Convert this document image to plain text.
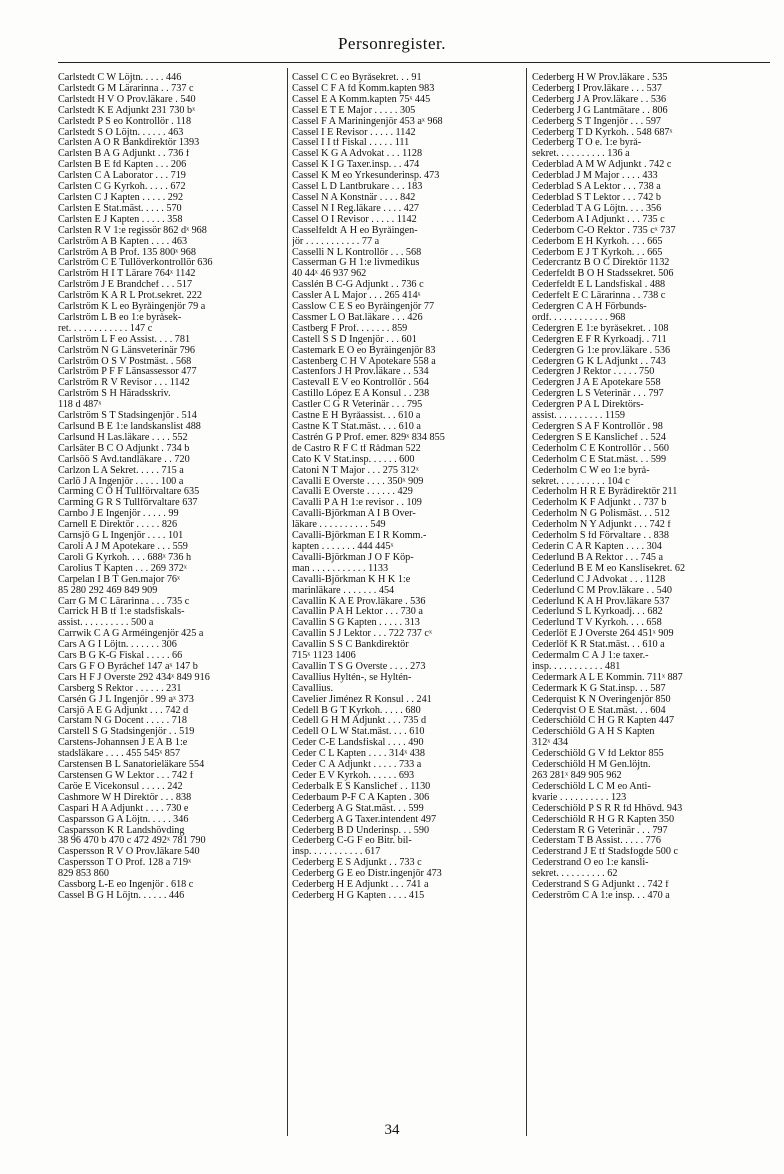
Personregister.
Carlstedt C W Löjtn. . . . . 446
Carlstedt G M Lärarinna . . 737 c
Carlstedt H V O Prov.läkare . 540
Carlstedt K E Adjunkt 231 730 bˣ
Carlstedt P S eo Kontrollör . 118
Carlstedt S O Löjtn. . . . . . 463
Carlsten A O R Bankdirektör 1393
Carlsten B A G Adjunkt . . 736 f
Carlsten B E fd Kapten . . . 206
Carlsten C A Laborator . . . 719
Carlsten C G Kyrkoh. . . . . 672
Carlsten C J Kapten . . . . . 292
Carlsten E Stat.mäst. . . . . 570
Carlsten E J Kapten . . . . . 358
Carlsten R V 1:e regissör 862 dˣ 968
Carlström A B Kapten . . . . 463
Carlström A B Prof. 135 800ˣ 968
Carlström C E Tullöverkontrollör 636
Carlström H I T Lärare 764ˣ 1142
Carlström J E Brandchef . . . 517
Carlström K A R L Prot.sekret. 222
Carlström K L eo Byråingenjör 79 a
Carlström L B eo 1:e byråsek-
ret. . . . . . . . . . . . 147 c
Carlström L F eo Assist. . . . 781
Carlström N G Länsveterinär 796
Carlström O S V Postmäst. . 568
Carlström P F F Länsassessor 477
Carlström R V Revisor . . . 1142
Carlström S H Häradsskriv.
118 d 487ˣ
Carlström S T Stadsingenjör . 514
Carlsund B E 1:e landskanslist 488
Carlsund H Las.läkare . . . . 552
Carlsäter B C O Adjunkt . 734 b
Carlsöö S Avd.tandläkare . . 720
Carlzon L A Sekret. . . . . 715 a
Carlö J A Ingenjör . . . . . 100 a
Carming C O H Tullförvaltare 635
Carming G R S Tullförvaltare 637
Carnbo J E Ingenjör . . . . . 99
Carnell E Direktör . . . . . 826
Carnsjö G L Ingenjör . . . . 101
Caroli A J M Apotekare . . . 559
Caroli G Kyrkoh. . . . 688ˣ 736 h
Carolius T Kapten . . . 269 372ˣ
Carpelan I B T Gen.major 76ˣ
85 280 292 469 849 909
Carr G M C Lärarinna . . . 735 c
Carrick H B tf 1:e stadsfiskals-
assist. . . . . . . . . . 500 a
Carrwik C A G Arméingenjör 425 a
Cars A G I Löjtn. . . . . . . 306
Cars B G K-G Fiskal . . . . . 66
Cars G F O Byråchef 147 aˣ 147 b
Cars H F J Överste 292 434ˣ 849 916
Carsberg S Rektor . . . . . . 231
Carsén G J L Ingenjör . 99 aˣ 373
Carsjö A E G Adjunkt . . . 742 d
Carstam N G Docent . . . . . 718
Carstell S G Stadsingenjör . . 519
Carstens-Johannsen J E A B 1:e
stadsläkare . . . . 455 545ˣ 857
Carstensen B L Sanatorieläkare 554
Carstensen G W Lektor . . . 742 f
Caröe E Vicekonsul . . . . . 242
Cashmore W H Direktör . . . 838
Caspari H A Adjunkt . . . . 730 e
Casparsson G A Löjtn. . . . . 346
Casparsson K R Landshövding
38 96 470 b 470 c 472 492ˣ 781 790
Caspersson R V O Prov.läkare 540
Caspersson T O Prof. 128 a 719ˣ
829 853 860
Cassborg L-E eo Ingenjör . 618 c
Cassel B G H Löjtn. . . . . . 446
Cassel C C eo Byråsekret. . . 91
Cassel C F A fd Komm.kapten 983
Cassel E A Komm.kapten 75ˣ 445
Cassel E T E Major . . . . . 305
Cassel F A Mariningenjör 453 aˣ 968
Cassel I E Revisor . . . . . 1142
Cassel I I tf Fiskal . . . . . 111
Cassel K G A Advokat . . . 1128
Cassel K I G Taxer.insp. . . 474
Cassel K M eo Yrkesunderinsp. 473
Cassel L D Lantbrukare . . . 183
Cassel N A Konstnär . . . . 842
Cassel N I Reg.läkare . . . . 427
Cassel Ö I Revisor . . . . . 1142
Casselfeldt Å H eo Byråingen-
jör . . . . . . . . . . . 77 a
Casselli N L Kontrollör . . . 568
Casserman G H 1:e livmedikus
40 44ˣ 46 937 962
Casslén B C-G Adjunkt . . 736 c
Cassler A L Major . . . 265 414ˣ
Casslow C E S eo Byråingenjör 77
Cassmer L O Bat.läkare . . . 426
Castberg F Prof. . . . . . . 859
Castell S S D Ingenjör . . . 601
Castemark E O eo Byråingenjör 83
Castenberg C H V Apotekare 558 a
Castenfors J H Prov.läkare . . 534
Castevall E V eo Kontrollör . 564
Castillo López E A Konsul . . 238
Castler C G R Veterinär . . . 795
Castne E H Byråassist. . . 610 a
Castne K T Stat.mäst. . . . 610 a
Castrén G P Prof. emer. 829ˣ 834 855
de Castro R F C tf Rådman 522
Cato K V Stat.insp. . . . . . 600
Catoni N T Major . . . 275 312ˣ
Cavalli E Överste . . . . 350ˣ 909
Cavalli E Överste . . . . . . 429
Cavalli P A H 1:e revisor . . 109
Cavalli-Björkman A I B Över-
läkare . . . . . . . . . . 549
Cavalli-Björkman E I R Komm.-
kapten . . . . . . . 444 445ˣ
Cavalli-Björkman J O F Köp-
man . . . . . . . . . . . 1133
Cavalli-Björkman K H K 1:e
marinläkare . . . . . . . 454
Cavallin K A E Prov.läkare . 536
Cavallin P A H Lektor . . . 730 a
Cavallin S G Kapten . . . . . 313
Cavallin S J Lektor . . . 722 737 cˣ
Cavallin S S C Bankdirektör
715ˣ 1123 1406
Cavallin T S G Överste . . . . 273
Cavallius Hyltén-, se Hyltén-
Cavallius.
Cavelier Jiménez R Konsul . . 241
Cedell B G T Kyrkoh. . . . . 680
Cedell G H M Adjunkt . . . 735 d
Cedell O L W Stat.mäst. . . . 610
Ceder C-E Landsfiskal . . . . 490
Ceder C L Kapten . . . . 314ˣ 438
Ceder C Å Adjunkt . . . . . 733 a
Ceder E V Kyrkoh. . . . . . 693
Cederbalk E S Kanslichef . . 1130
Cederbaum P-F C A Kapten . 306
Cederberg A G Stat.mäst. . . 599
Cederberg A G Taxer.intendent 497
Cederberg B D Underinsp. . . 590
Cederberg C-G F eo Bitr. bil-
insp. . . . . . . . . . . 617
Cederberg E S Adjunkt . . 733 c
Cederberg G E eo Distr.ingenjör 473
Cederberg H E Adjunkt . . . 741 a
Cederberg H G Kapten . . . . 415
Cederberg H W Prov.läkare . 535
Cederberg I Prov.läkare . . . 537
Cederberg J A Prov.läkare . . 536
Cederberg J G Lantmätare . . 806
Cederberg S T Ingenjör . . . 597
Cederberg T D Kyrkoh. . 548 687ˣ
Cederberg T O e. 1:e byrå-
sekret. . . . . . . . . . 136 a
Cederblad A M W Adjunkt . 742 c
Cederblad J M Major . . . . 433
Cederblad S A Lektor . . . 738 a
Cederblad S T Lektor . . . 742 b
Cederblad T A G Löjtn. . . . 356
Cederbom A I Adjunkt . . . 735 c
Cederbom C-O Rektor . 735 cˣ 737
Cederbom E H Kyrkoh. . . . 665
Cederbom E J T Kyrkoh. . . 665
Cedercrantz B O C Direktör 1132
Cederfeldt B O H Stadssekret. 506
Cederfeldt E L Landsfiskal . 488
Cederfelt E C Lärarinna . . 738 c
Cedergren C A H Förbunds-
ordf. . . . . . . . . . . . 968
Cedergren E 1:e byråsekret. . 108
Cedergren E F R Kyrkoadj. . 711
Cedergren G 1:e prov.läkare . 536
Cedergren G K L Adjunkt . . 743
Cedergren J Rektor . . . . . 750
Cedergren J A E Apotekare 558
Cedergren L S Veterinär . . . 797
Cedergren P A L Direktörs-
assist. . . . . . . . . . 1159
Cedergren S A F Kontrollör . 98
Cedergren S E Kanslichef . . 524
Cederholm C E Kontrollör . . 560
Cederholm C E Stat.mäst. . . 599
Cederholm C W eo 1:e byrå-
sekret. . . . . . . . . . 104 c
Cederholm H R E Byrådirektör 211
Cederholm K F Adjunkt . . 737 b
Cederholm N G Polismäst. . . 512
Cederholm N Y Adjunkt . . . 742 f
Cederholm S fd Förvaltare . . 838
Cederin C A R Kapten . . . . 304
Cederlund B A Rektor . . . 745 a
Cederlund B E M eo Kanslisekret. 62
Cederlund C J Advokat . . . 1128
Cederlund C M Prov.läkare . . 540
Cederlund K A H Prov.läkare 537
Cederlund S L Kyrkoadj. . . 682
Cederlund T V Kyrkoh. . . . 658
Cederlöf E J Överste 264 451ˣ 909
Cederlöf K R Stat.mäst. . . 610 a
Cedermalm C Å J 1:e taxer.-
insp. . . . . . . . . . . 481
Cedermark A L E Kommin. 711ˣ 887
Cedermark K G Stat.insp. . . 587
Cederquist K N Överingenjör 850
Cederqvist O E Stat.mäst. . . 604
Cederschiöld C H G R Kapten 447
Cederschiöld G A H S Kapten
312ˣ 434
Cederschiöld G V fd Lektor 855
Cederschiöld H M Gen.löjtn.
263 281ˣ 849 905 962
Cederschiöld L C M eo Anti-
kvarie . . . . . . . . . . 123
Cederschiöld P S R R fd Hhövd. 943
Cederschiöld R H G R Kapten 350
Cederstam R G Veterinär . . . 797
Cederstam T B Assist. . . . . 776
Cederstrand J E tf Stadsfogde 500 c
Cederstrand O eo 1:e kansli-
sekret. . . . . . . . . . 62
Cederstrand S G Adjunkt . . 742 f
Cederström C A 1:e insp. . . 470 a
34
